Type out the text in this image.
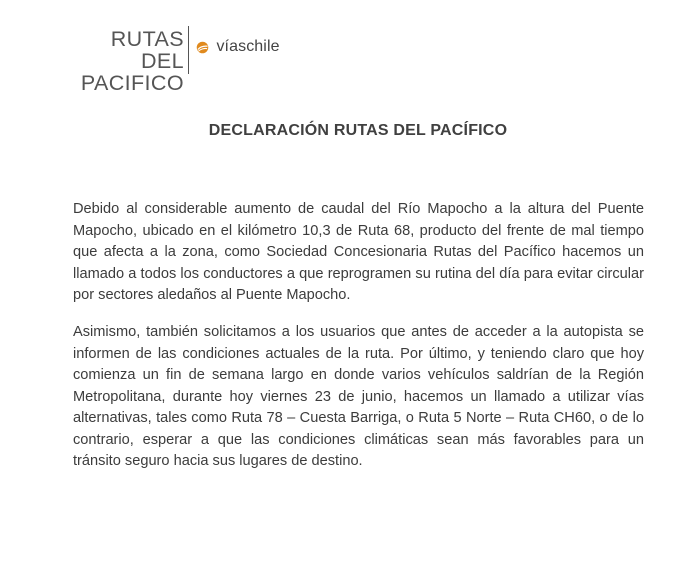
RUTAS
DEL PACIFICO
víaschile
DECLARACIÓN RUTAS DEL PACÍFICO

Debido al considerable aumento de caudal del Río Mapocho a la altura del Puente Mapocho, ubicado en el kilómetro 10,3 de Ruta 68, producto del frente de mal tiempo que afecta a la zona, como Sociedad Concesionaria Rutas del Pacífico hacemos un llamado a todos los conductores a que reprogramen su rutina del día para evitar circular por sectores aledaños al Puente Mapocho.

Asimismo, también solicitamos a los usuarios que antes de acceder a la autopista se informen de las condiciones actuales de la ruta. Por último, y teniendo claro que hoy comienza un fin de semana largo en donde varios vehículos saldrían de la Región Metropolitana, durante hoy viernes 23 de junio, hacemos un llamado a utilizar vías alternativas, tales como Ruta 78 – Cuesta Barriga, o Ruta 5 Norte – Ruta CH60, o de lo contrario, esperar a que las condiciones climáticas sean más favorables para un tránsito seguro hacia sus lugares de destino.
